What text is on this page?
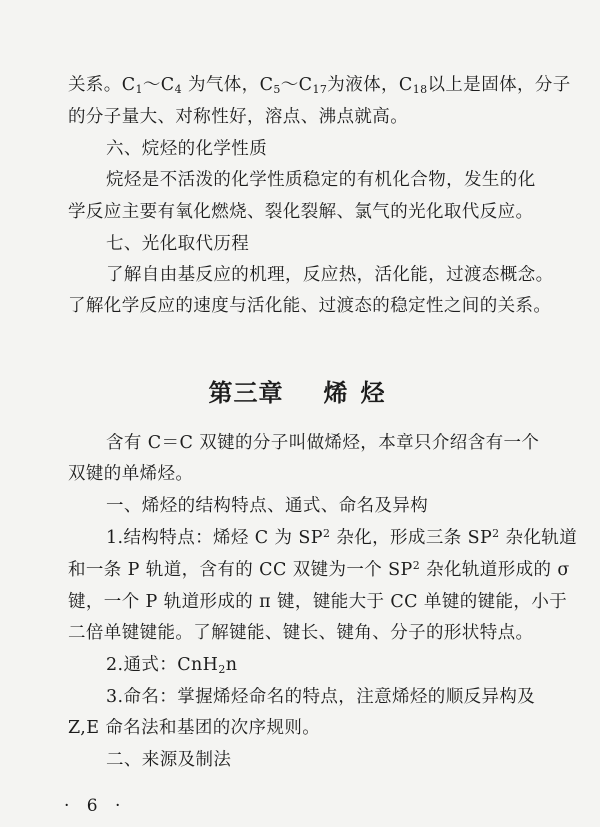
关系。$C_1\sim C_4$ 为气体，$C_5\sim C_{17}$为液体，$C_{18}$以上是固体，分子
的分子量大、对称性好，溶点、沸点就高。
六、烷烃的化学性质
烷烃是不活泼的化学性质稳定的有机化合物，发生的化
学反应主要有氧化燃烧、裂化裂解、氯气的光化取代反应。
七、光化取代历程
了解自由基反应的机理，反应热，活化能，过渡态概念。
了解化学反应的速度与活化能、过渡态的稳定性之间的关系。
第三章 烯 烃
含有 C＝C 双键的分子叫做烯烃，本章只介绍含有一个
双键的单烯烃。
一、烯烃的结构特点、通式、命名及异构
1.结构特点：烯烃 C 为 $SP^2$ 杂化，形成三条 $SP^2$ 杂化轨道
和一条 P 轨道，含有的 CC 双键为一个 $SP^2$ 杂化轨道形成的 σ
键，一个 P 轨道形成的 π 键，键能大于 CC 单键的键能，小于
二倍单键键能。了解键能、键长、键角、分子的形状特点。
2.通式：CnH$_2$n
3.命名：掌握烯烃命名的特点，注意烯烃的顺反异构及
Z,E 命名法和基团的次序规则。
二、来源及制法
· 6 ·
